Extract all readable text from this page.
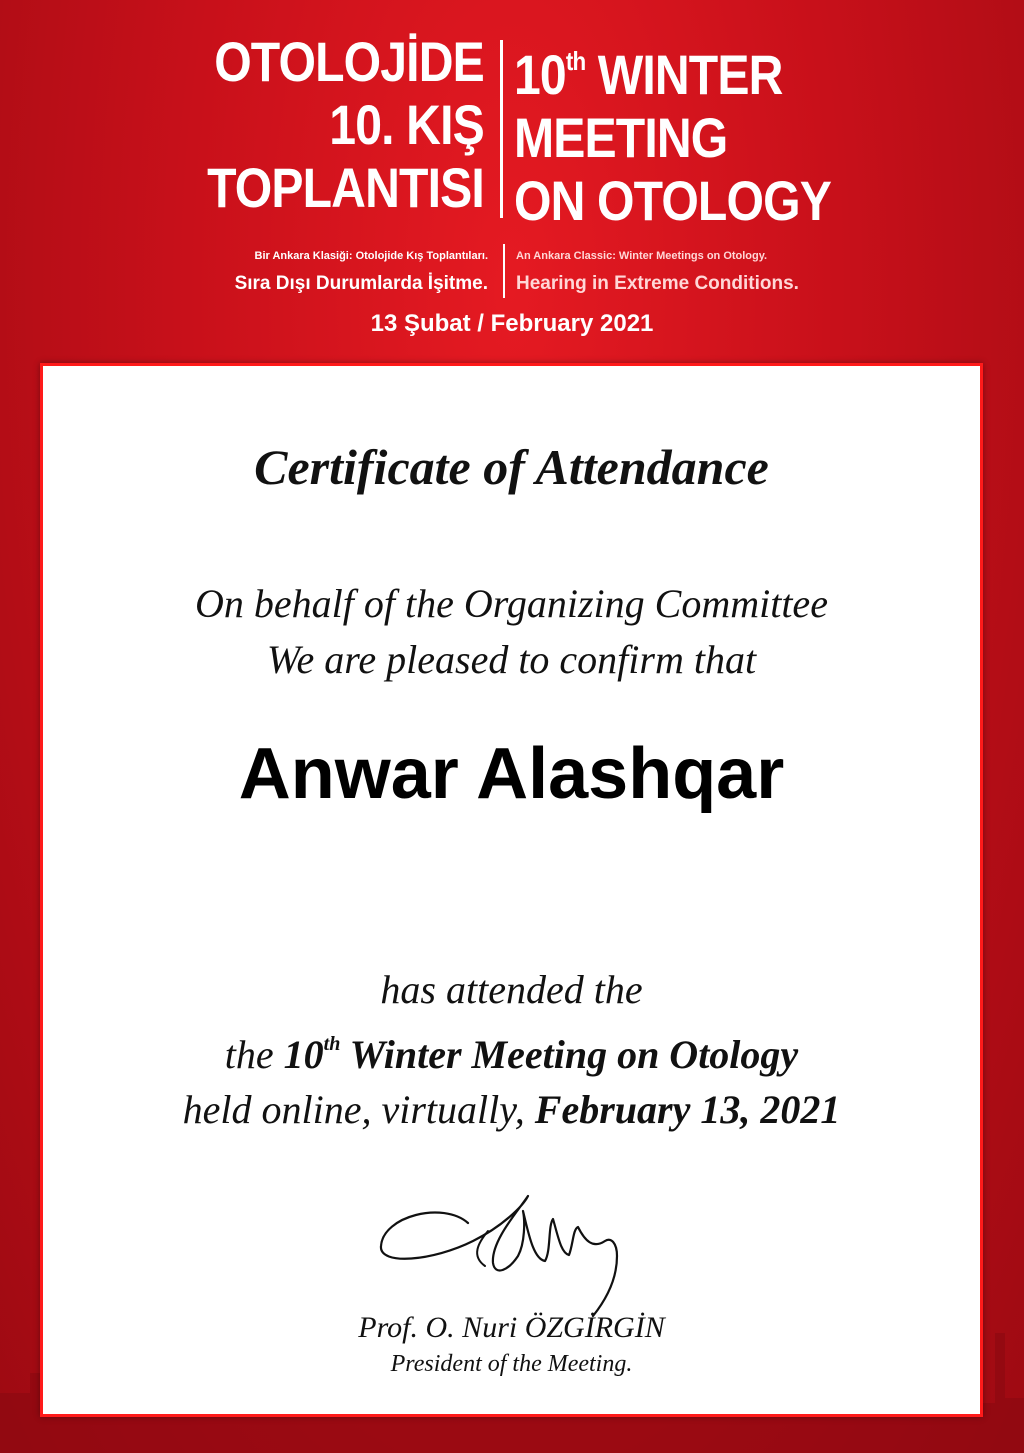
OTOLOJİDE
10. KIŞ
TOPLANTISI
10th WINTER
MEETING
ON OTOLOGY
Bir Ankara Klasiği: Otolojide Kış Toplantıları.
Sıra Dışı Durumlarda İşitme.
An Ankara Classic: Winter Meetings on Otology.
Hearing in Extreme Conditions.
13 Şubat / February 2021
Certificate of Attendance
On behalf of the Organizing Committee
We are pleased to confirm that
Anwar Alashqar
has attended the
the 10th Winter Meeting on Otology
held online, virtually, February 13, 2021
Prof. O. Nuri ÖZGİRGİN
President of the Meeting.
